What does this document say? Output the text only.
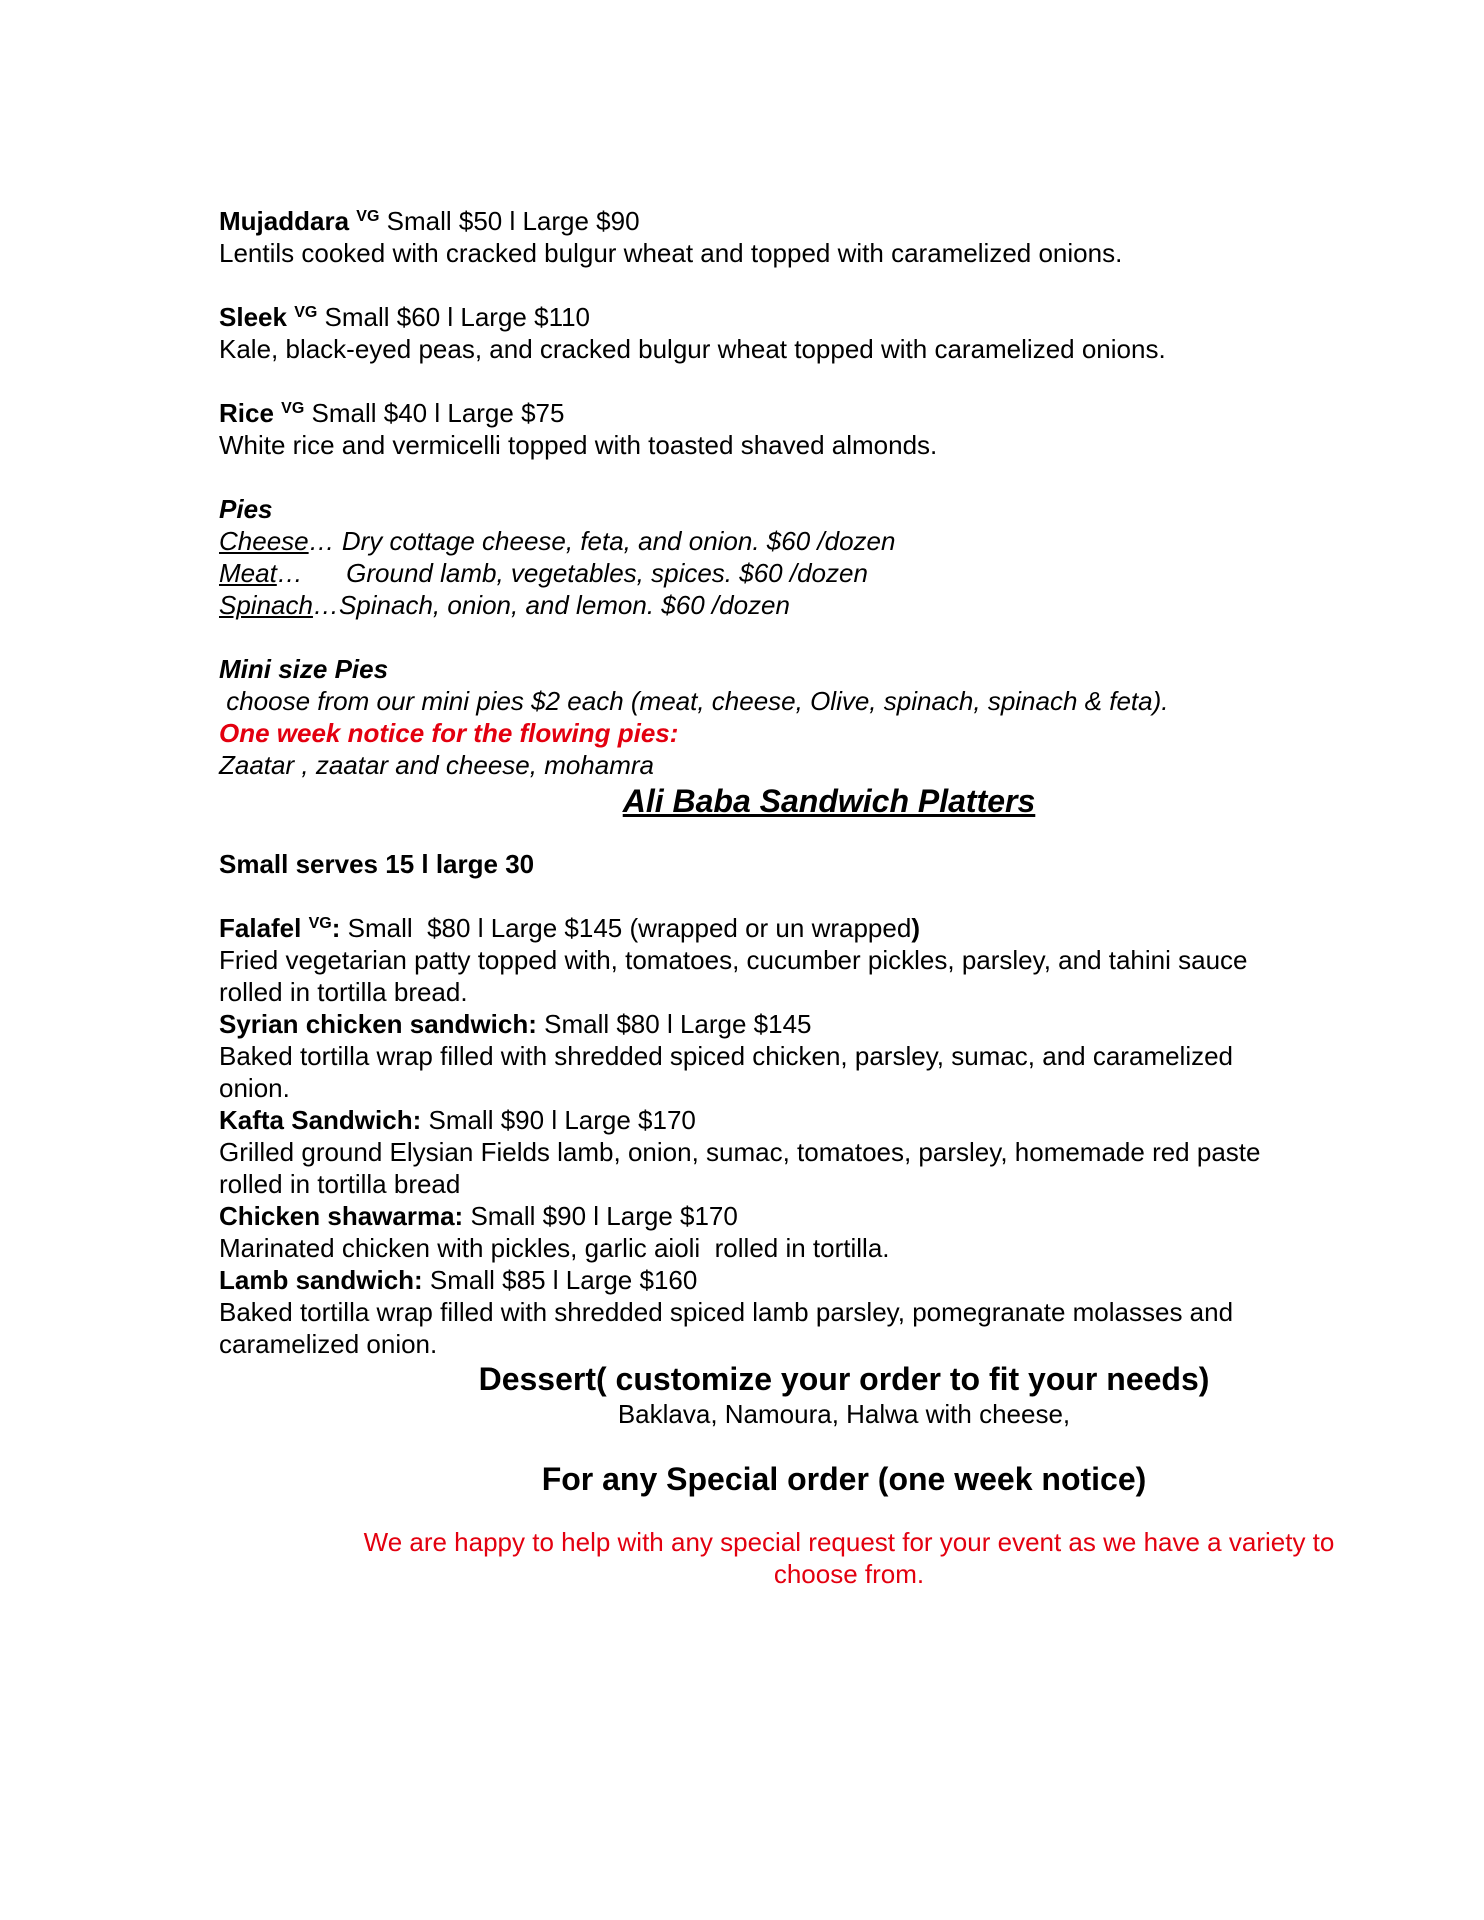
Mujaddara $^{VG}$ Small $50 l Large $90
Lentils cooked with cracked bulgur wheat and topped with caramelized onions.
Sleek $^{VG}$ Small $60 l Large $110
Kale, black-eyed peas, and cracked bulgur wheat topped with caramelized onions.
Rice $^{VG}$ Small $40 l Large $75
White rice and vermicelli topped with toasted shaved almonds.
Pies
Cheese… Dry cottage cheese, feta, and onion. $60 /dozen
Meat…      Ground lamb, vegetables, spices. $60 /dozen
Spinach…Spinach, onion, and lemon. $60 /dozen
Mini size Pies
choose from our mini pies $2 each (meat, cheese, Olive, spinach, spinach & feta).
One week notice for the flowing pies:
Zaatar , zaatar and cheese, mohamra
Ali Baba Sandwich Platters
Small serves 15 l large 30
Falafel $^{VG}$: Small  $80 l Large $145 (wrapped or un wrapped)
Fried vegetarian patty topped with, tomatoes, cucumber pickles, parsley, and tahini sauce rolled in tortilla bread.
Syrian chicken sandwich: Small $80 l Large $145
Baked tortilla wrap filled with shredded spiced chicken, parsley, sumac, and caramelized onion.
Kafta Sandwich: Small $90 l Large $170
Grilled ground Elysian Fields lamb, onion, sumac, tomatoes, parsley, homemade red paste rolled in tortilla bread
Chicken shawarma: Small $90 l Large $170
Marinated chicken with pickles, garlic aioli  rolled in tortilla.
Lamb sandwich: Small $85 l Large $160
Baked tortilla wrap filled with shredded spiced lamb parsley, pomegranate molasses and caramelized onion.
Dessert( customize your order to fit your needs)
Baklava, Namoura, Halwa with cheese,
For any Special order (one week notice)
We are happy to help with any special request for your event as we have a variety to choose from.
